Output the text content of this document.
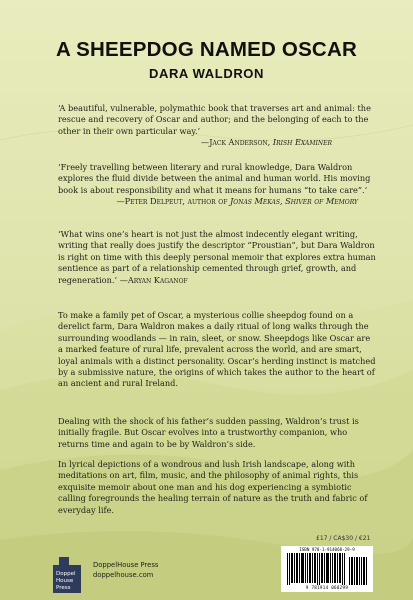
A SHEEPDOG NAMED OSCAR
DARA WALDRON
‘A beautiful, vulnerable, polymathic book that traverses art and animal: the rescue and recovery of Oscar and author; and the belonging of each to the other in their own particular way.’
—Jack Anderson, Irish Examiner
‘Freely travelling between literary and rural knowledge, Dara Waldron explores the fluid divide between the animal and human world. His moving book is about responsibility and what it means for humans “to take care”.’
—Peter Delpeut, author of Jonas Mekas, Shiver of Memory
‘What wins one’s heart is not just the almost indecently elegant writing, writing that really does justify the descriptor “Proustian”, but Dara Waldron is right on time with this deeply personal memoir that explores extra human sentience as part of a relationship cemented through grief, growth, and regeneration.’ —Aryan Kaganof
To make a family pet of Oscar, a mysterious collie sheepdog found on a derelict farm, Dara Waldron makes a daily ritual of long walks through the surrounding woodlands — in rain, sleet, or snow. Sheepdogs like Oscar are a marked feature of rural life, prevalent across the world, and are smart, loyal animals with a distinct personality. Oscar’s herding instinct is matched by a submissive nature, the origins of which takes the author to the heart of an ancient and rural Ireland.
Dealing with the shock of his father’s sudden passing, Waldron’s trust is initially fragile. But Oscar evolves into a trustworthy companion, who returns time and again to be by Waldron’s side.
In lyrical depictions of a wondrous and lush Irish landscape, along with meditations on art, film, music, and the philosophy of animal rights, this exquisite memoir about one man and his dog experiencing a symbiotic calling foregrounds the healing terrain of nature as the truth and fabric of everyday life.
£17 / CA$30 / €21
ISBN 978-1-914068-29-9
9 781914 068299
Doppel
House
Press
DoppelHouse Press
doppelhouse.com
